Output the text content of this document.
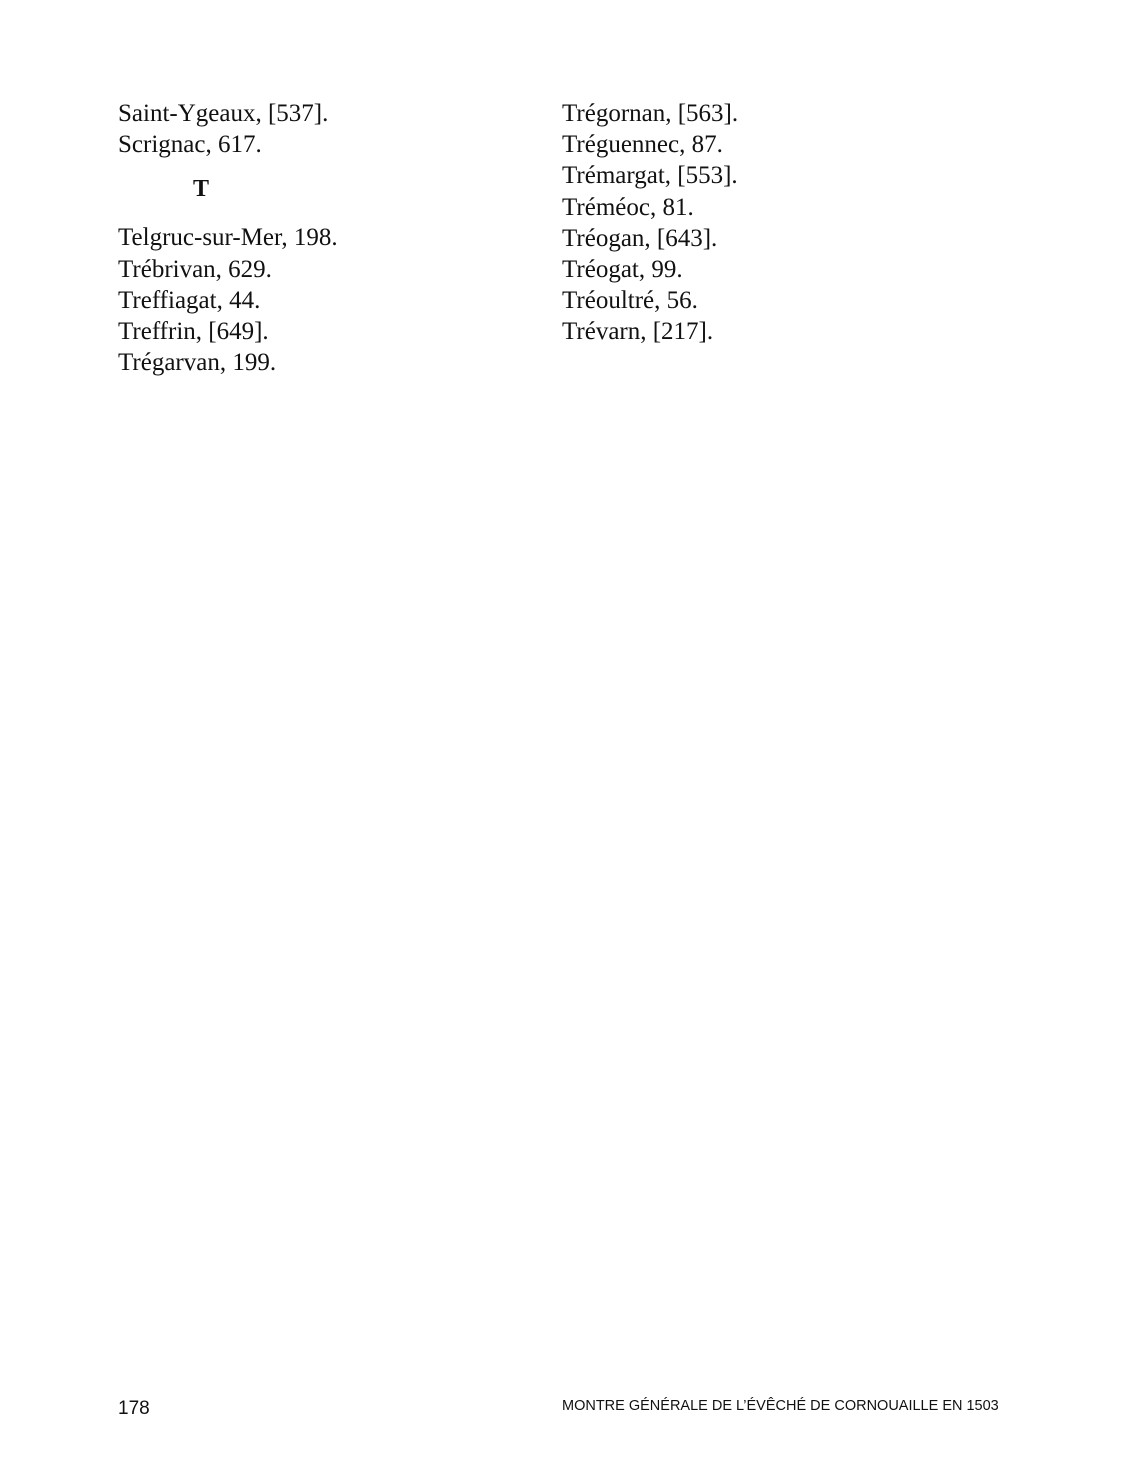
Saint-Ygeaux, [537].
Scrignac, 617.
T
Telgruc-sur-Mer, 198.
Trébrivan, 629.
Treffiagat, 44.
Treffrin, [649].
Trégarvan, 199.
Trégornan, [563].
Tréguennec, 87.
Trémargat, [553].
Tréméoc, 81.
Tréogan, [643].
Tréogat, 99.
Tréoultré, 56.
Trévarn, [217].
178	MONTRE GÉNÉRALE DE L’ÉVÊCHÉ DE CORNOUAILLE EN 1503
